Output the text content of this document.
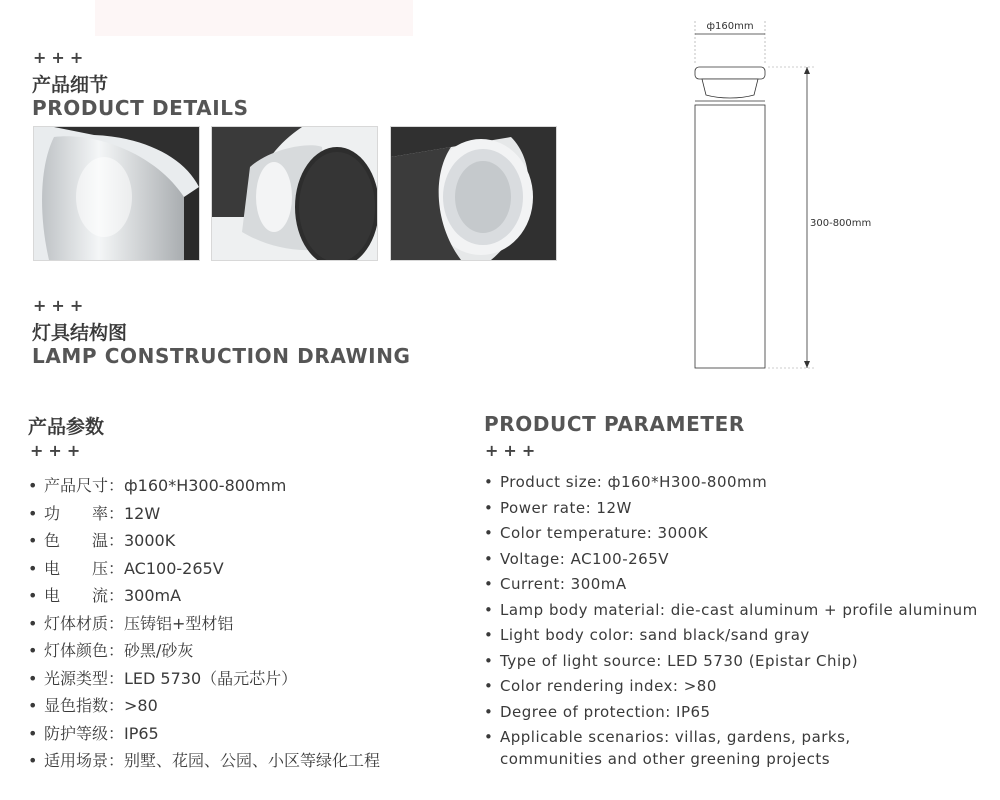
+++
产品细节
PRODUCT DETAILS
+++
灯具结构图
LAMP CONSTRUCTION DRAWING
ф160mm
300-800mm
产品参数
+++
• 产品尺寸：ф160*H300-800mm
• 功　　率：12W
• 色　　温：3000K
• 电　　压：AC100-265V
• 电　　流：300mA
• 灯体材质：压铸铝+型材铝
• 灯体颜色：砂黑/砂灰
• 光源类型：LED 5730（晶元芯片）
• 显色指数：>80
• 防护等级：IP65
• 适用场景：别墅、花园、公园、小区等绿化工程
PRODUCT PARAMETER
+++
• Product size: ф160*H300-800mm
• Power rate: 12W
• Color temperature: 3000K
• Voltage: AC100-265V
• Current: 300mA
• Lamp body material: die-cast aluminum + profile aluminum
• Light body color: sand black/sand gray
• Type of light source: LED 5730 (Epistar Chip)
• Color rendering index: >80
• Degree of protection: IP65
• Applicable scenarios: villas, gardens, parks,
communities and other greening projects
